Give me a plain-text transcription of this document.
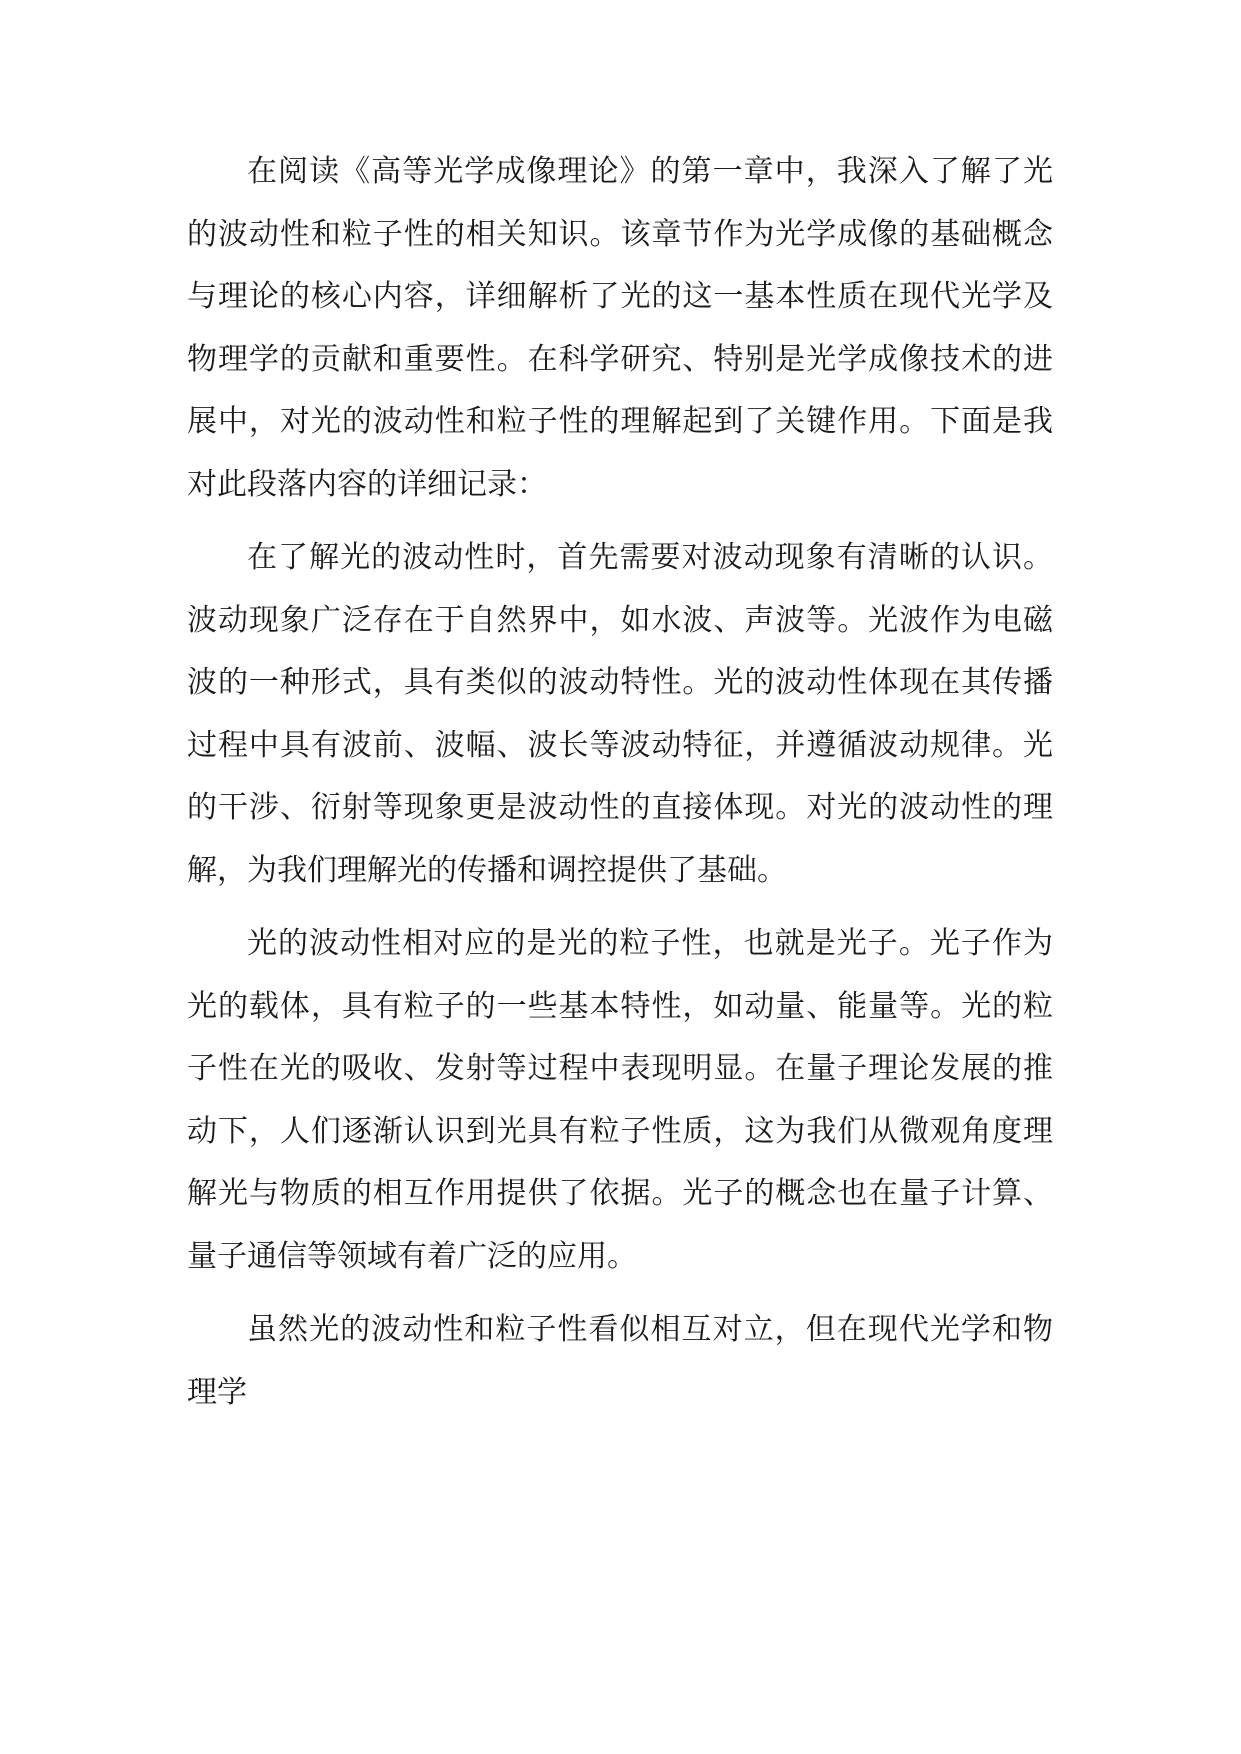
在阅读《高等光学成像理论》的第一章中，我深入了解了光的波动性和粒子性的相关知识。该章节作为光学成像的基础概念与理论的核心内容，详细解析了光的这一基本性质在现代光学及物理学的贡献和重要性。在科学研究、特别是光学成像技术的进展中，对光的波动性和粒子性的理解起到了关键作用。下面是我对此段落内容的详细记录：

在了解光的波动性时，首先需要对波动现象有清晰的认识。波动现象广泛存在于自然界中，如水波、声波等。光波作为电磁波的一种形式，具有类似的波动特性。光的波动性体现在其传播过程中具有波前、波幅、波长等波动特征，并遵循波动规律。光的干涉、衍射等现象更是波动性的直接体现。对光的波动性的理解，为我们理解光的传播和调控提供了基础。

光的波动性相对应的是光的粒子性，也就是光子。光子作为光的载体，具有粒子的一些基本特性，如动量、能量等。光的粒子性在光的吸收、发射等过程中表现明显。在量子理论发展的推动下，人们逐渐认识到光具有粒子性质，这为我们从微观角度理解光与物质的相互作用提供了依据。光子的概念也在量子计算、量子通信等领域有着广泛的应用。

虽然光的波动性和粒子性看似相互对立，但在现代光学和物理学
